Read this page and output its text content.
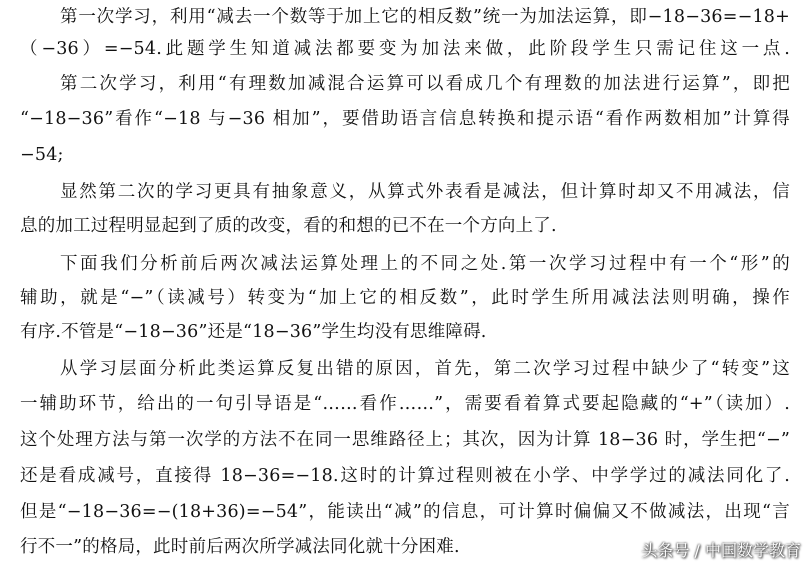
第一次学习，利用“减去一个数等于加上它的相反数”统一为加法运算，即−18−36=−18+
（−36）=−54.此题学生知道减法都要变为加法来做，此阶段学生只需记住这一点.
第二次学习，利用“有理数加减混合运算可以看成几个有理数的加法进行运算”，即把
“−18−36”看作“−18 与−36 相加”，要借助语言信息转换和提示语“看作两数相加”计算得
−54;
显然第二次的学习更具有抽象意义，从算式外表看是减法，但计算时却又不用减法，信
息的加工过程明显起到了质的改变，看的和想的已不在一个方向上了.
下面我们分析前后两次减法运算处理上的不同之处.第一次学习过程中有一个“形”的
辅助，就是“−”（读减号）转变为“加上它的相反数”，此时学生所用减法法则明确，操作
有序.不管是“−18−36”还是“18−36”学生均没有思维障碍.
从学习层面分析此类运算反复出错的原因，首先，第二次学习过程中缺少了“转变”这
一辅助环节，给出的一句引导语是“……看作……”，需要看着算式要起隐藏的“+”（读加）.
这个处理方法与第一次学的方法不在同一思维路径上；其次，因为计算 18−36 时，学生把“−”
还是看成减号，直接得 18−36=−18.这时的计算过程则被在小学、中学学过的减法同化了.
但是“−18−36=−(18+36)=−54”，能读出“减”的信息，可计算时偏偏又不做减法，出现“言
行不一”的格局，此时前后两次所学减法同化就十分困难.	头条号 / 中国数学教育
